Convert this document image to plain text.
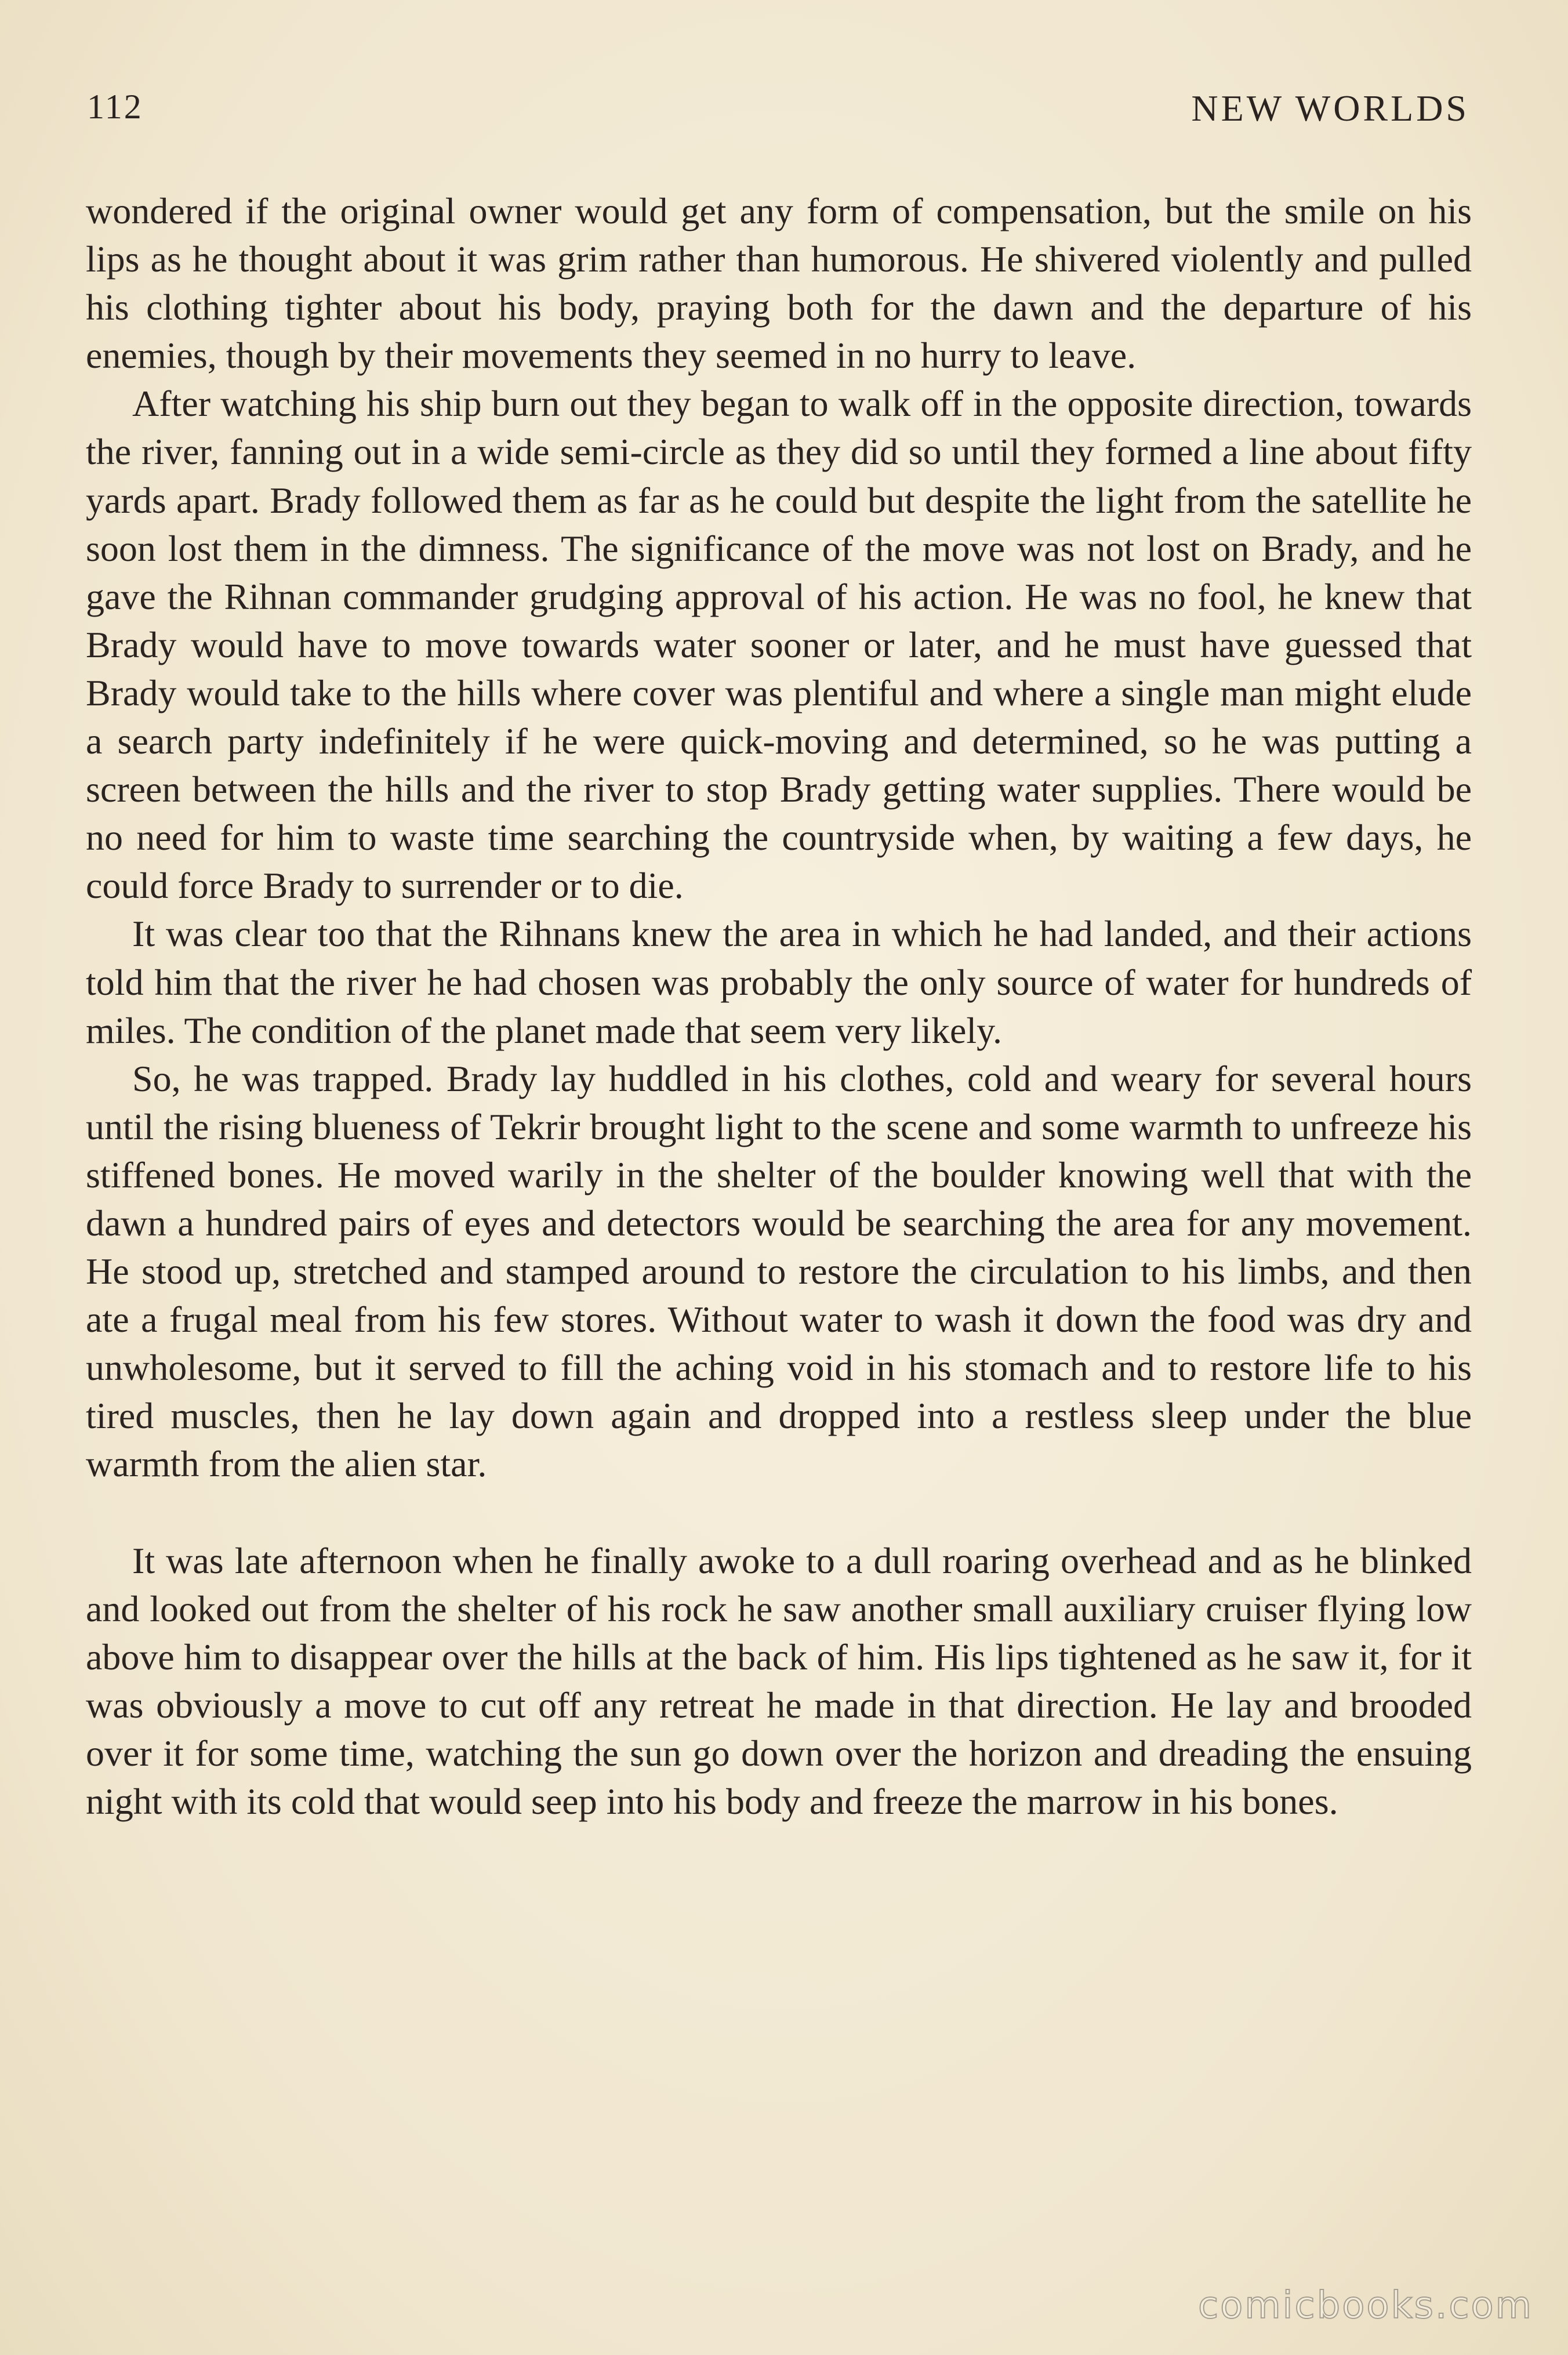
112	NEW WORLDS

wondered if the original owner would get any form of compensation, but the smile on his lips as he thought about it was grim rather than humorous. He shivered violently and pulled his clothing tighter about his body, praying both for the dawn and the departure of his enemies, though by their movements they seemed in no hurry to leave.

After watching his ship burn out they began to walk off in the opposite direction, towards the river, fanning out in a wide semi-circle as they did so until they formed a line about fifty yards apart. Brady followed them as far as he could but despite the light from the satellite he soon lost them in the dimness. The significance of the move was not lost on Brady, and he gave the Rihnan commander grudging approval of his action. He was no fool, he knew that Brady would have to move towards water sooner or later, and he must have guessed that Brady would take to the hills where cover was plentiful and where a single man might elude a search party indefinitely if he were quick-moving and determined, so he was putting a screen between the hills and the river to stop Brady getting water supplies. There would be no need for him to waste time searching the countryside when, by waiting a few days, he could force Brady to surrender or to die.

It was clear too that the Rihnans knew the area in which he had landed, and their actions told him that the river he had chosen was probably the only source of water for hundreds of miles. The condition of the planet made that seem very likely.

So, he was trapped. Brady lay huddled in his clothes, cold and weary for several hours until the rising blueness of Tekrir brought light to the scene and some warmth to unfreeze his stiffened bones. He moved warily in the shelter of the boulder knowing well that with the dawn a hundred pairs of eyes and detectors would be searching the area for any movement. He stood up, stretched and stamped around to restore the circulation to his limbs, and then ate a frugal meal from his few stores. Without water to wash it down the food was dry and unwholesome, but it served to fill the aching void in his stomach and to restore life to his tired muscles, then he lay down again and dropped into a restless sleep under the blue warmth from the alien star.

It was late afternoon when he finally awoke to a dull roaring overhead and as he blinked and looked out from the shelter of his rock he saw another small auxiliary cruiser flying low above him to disappear over the hills at the back of him. His lips tightened as he saw it, for it was obviously a move to cut off any retreat he made in that direction. He lay and brooded over it for some time, watching the sun go down over the horizon and dreading the ensuing night with its cold that would seep into his body and freeze the marrow in his bones.

comicbooks.com
